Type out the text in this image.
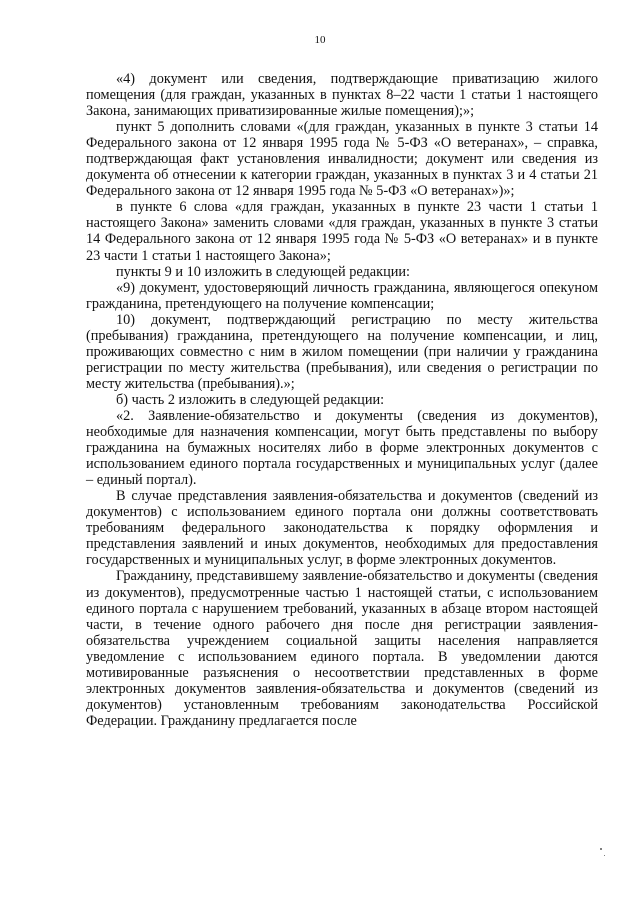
10

«4) документ или сведения, подтверждающие приватизацию жилого помещения (для граждан, указанных в пунктах 8–22 части 1 статьи 1 настоящего Закона, занимающих приватизированные жилые помещения);»;

пункт 5 дополнить словами «(для граждан, указанных в пункте 3 статьи 14 Федерального закона от 12 января 1995 года № 5-ФЗ «О ветеранах», – справка, подтверждающая факт установления инвалидности; документ или сведения из документа об отнесении к категории граждан, указанных в пунктах 3 и 4 статьи 21 Федерального закона от 12 января 1995 года № 5-ФЗ «О ветеранах»)»;

в пункте 6 слова «для граждан, указанных в пункте 23 части 1 статьи 1 настоящего Закона» заменить словами «для граждан, указанных в пункте 3 статьи 14 Федерального закона от 12 января 1995 года № 5-ФЗ «О ветеранах» и в пункте 23 части 1 статьи 1 настоящего Закона»;

пункты 9 и 10 изложить в следующей редакции:

«9) документ, удостоверяющий личность гражданина, являющегося опекуном гражданина, претендующего на получение компенсации;

10) документ, подтверждающий регистрацию по месту жительства (пребывания) гражданина, претендующего на получение компенсации, и лиц, проживающих совместно с ним в жилом помещении (при наличии у гражданина регистрации по месту жительства (пребывания), или сведения о регистрации по месту жительства (пребывания).»;

б) часть 2 изложить в следующей редакции:

«2. Заявление-обязательство и документы (сведения из документов), необходимые для назначения компенсации, могут быть представлены по выбору гражданина на бумажных носителях либо в форме электронных документов с использованием единого портала государственных и муниципальных услуг (далее – единый портал).

В случае представления заявления-обязательства и документов (сведений из документов) с использованием единого портала они должны соответствовать требованиям федерального законодательства к порядку оформления и представления заявлений и иных документов, необходимых для предоставления государственных и муниципальных услуг, в форме электронных документов.

Гражданину, представившему заявление-обязательство и документы (сведения из документов), предусмотренные частью 1 настоящей статьи, с использованием единого портала с нарушением требований, указанных в абзаце втором настоящей части, в течение одного рабочего дня после дня регистрации заявления-обязательства учреждением социальной защиты населения направляется уведомление с использованием единого портала. В уведомлении даются мотивированные разъяснения о несоответствии представленных в форме электронных документов заявления-обязательства и документов (сведений из документов) установленным требованиям законодательства Российской Федерации. Гражданину предлагается после
